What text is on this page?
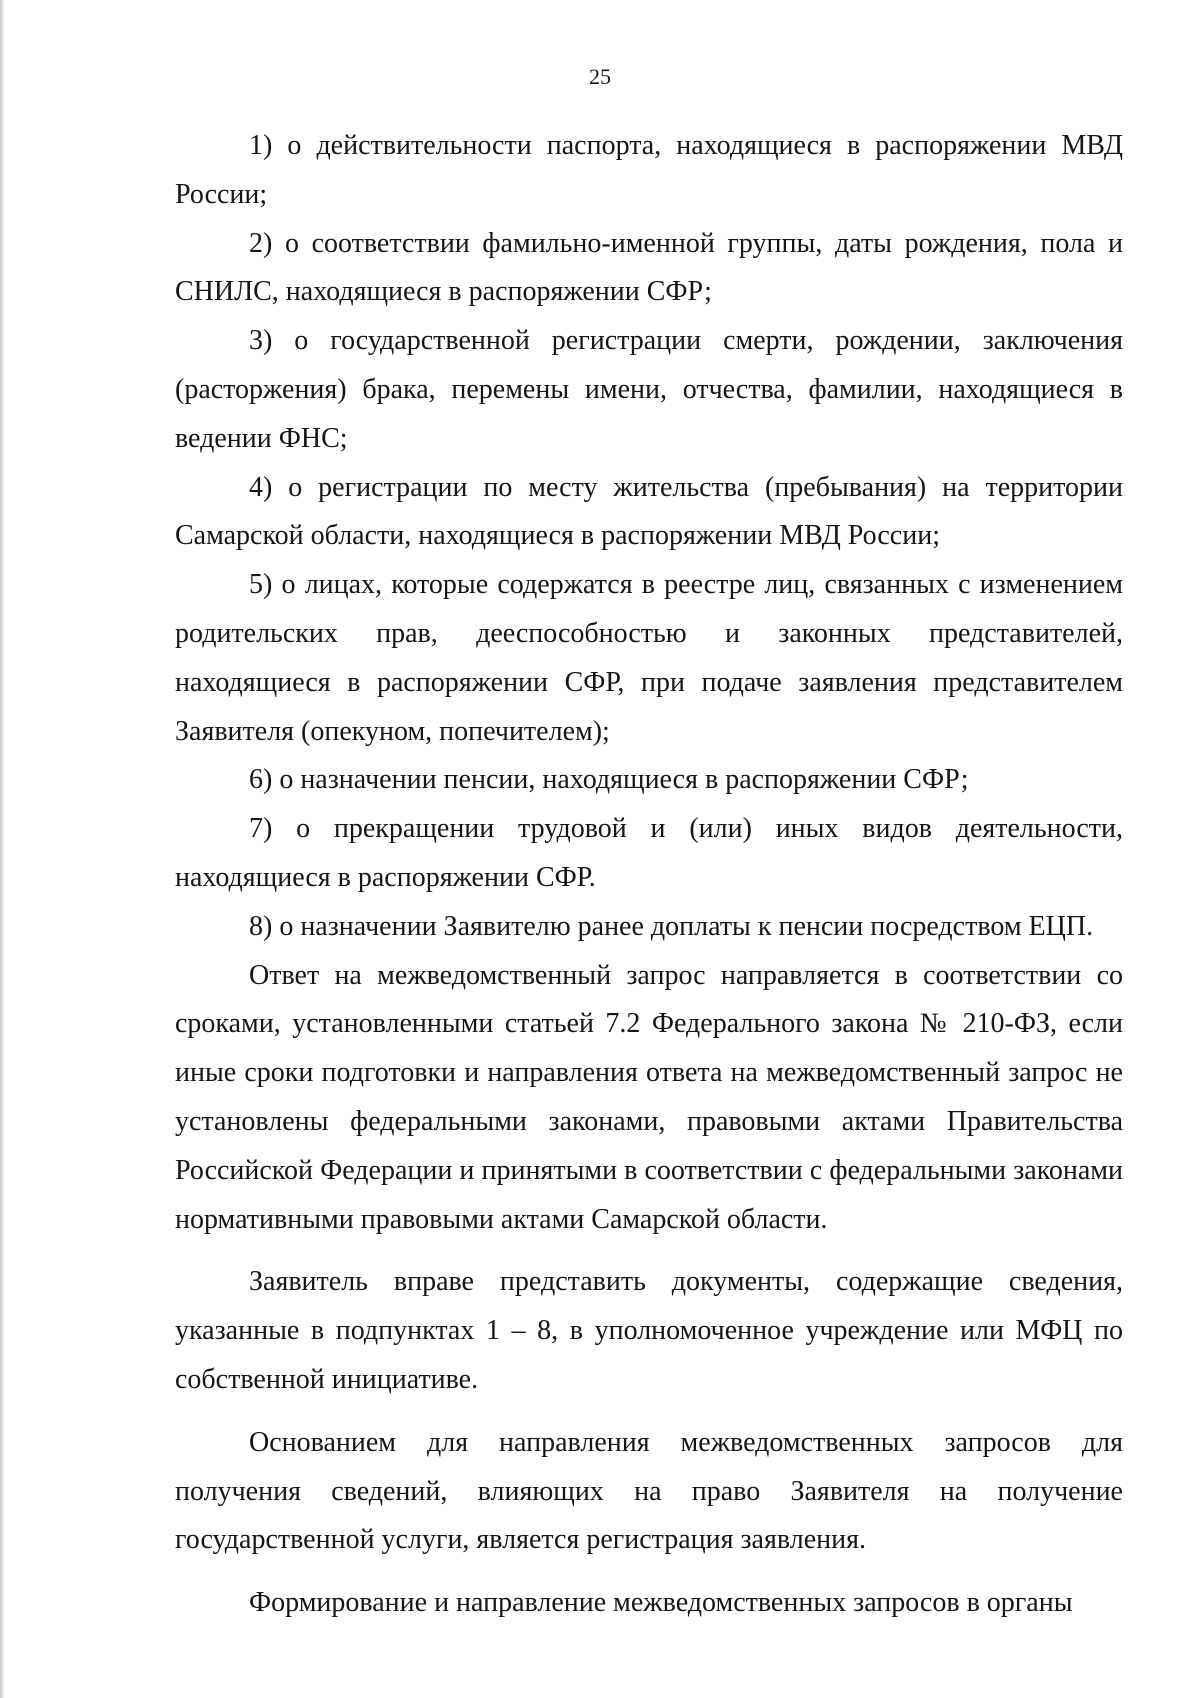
25

1) о действительности паспорта, находящиеся в распоряжении МВД России;

2) о соответствии фамильно-именной группы, даты рождения, пола и СНИЛС, находящиеся в распоряжении СФР;

3) о государственной регистрации смерти, рождении, заключения (расторжения) брака, перемены имени, отчества, фамилии, находящиеся в ведении ФНС;

4) о регистрации по месту жительства (пребывания) на территории Самарской области, находящиеся в распоряжении МВД России;

5) о лицах, которые содержатся в реестре лиц, связанных с изменением родительских прав, дееспособностью и законных представителей, находящиеся в распоряжении СФР, при подаче заявления представителем Заявителя (опекуном, попечителем);

6) о назначении пенсии, находящиеся в распоряжении СФР;

7) о прекращении трудовой и (или) иных видов деятельности, находящиеся в распоряжении СФР.

8) о назначении Заявителю ранее доплаты к пенсии посредством ЕЦП.

Ответ на межведомственный запрос направляется в соответствии со сроками, установленными статьей 7.2 Федерального закона № 210-ФЗ, если иные сроки подготовки и направления ответа на межведомственный запрос не установлены федеральными законами, правовыми актами Правительства Российской Федерации и принятыми в соответствии с федеральными законами нормативными правовыми актами Самарской области.

Заявитель вправе представить документы, содержащие сведения, указанные в подпунктах 1 – 8, в уполномоченное учреждение или МФЦ по собственной инициативе.

Основанием для направления межведомственных запросов для получения сведений, влияющих на право Заявителя на получение государственной услуги, является регистрация заявления.

Формирование и направление межведомственных запросов в органы
